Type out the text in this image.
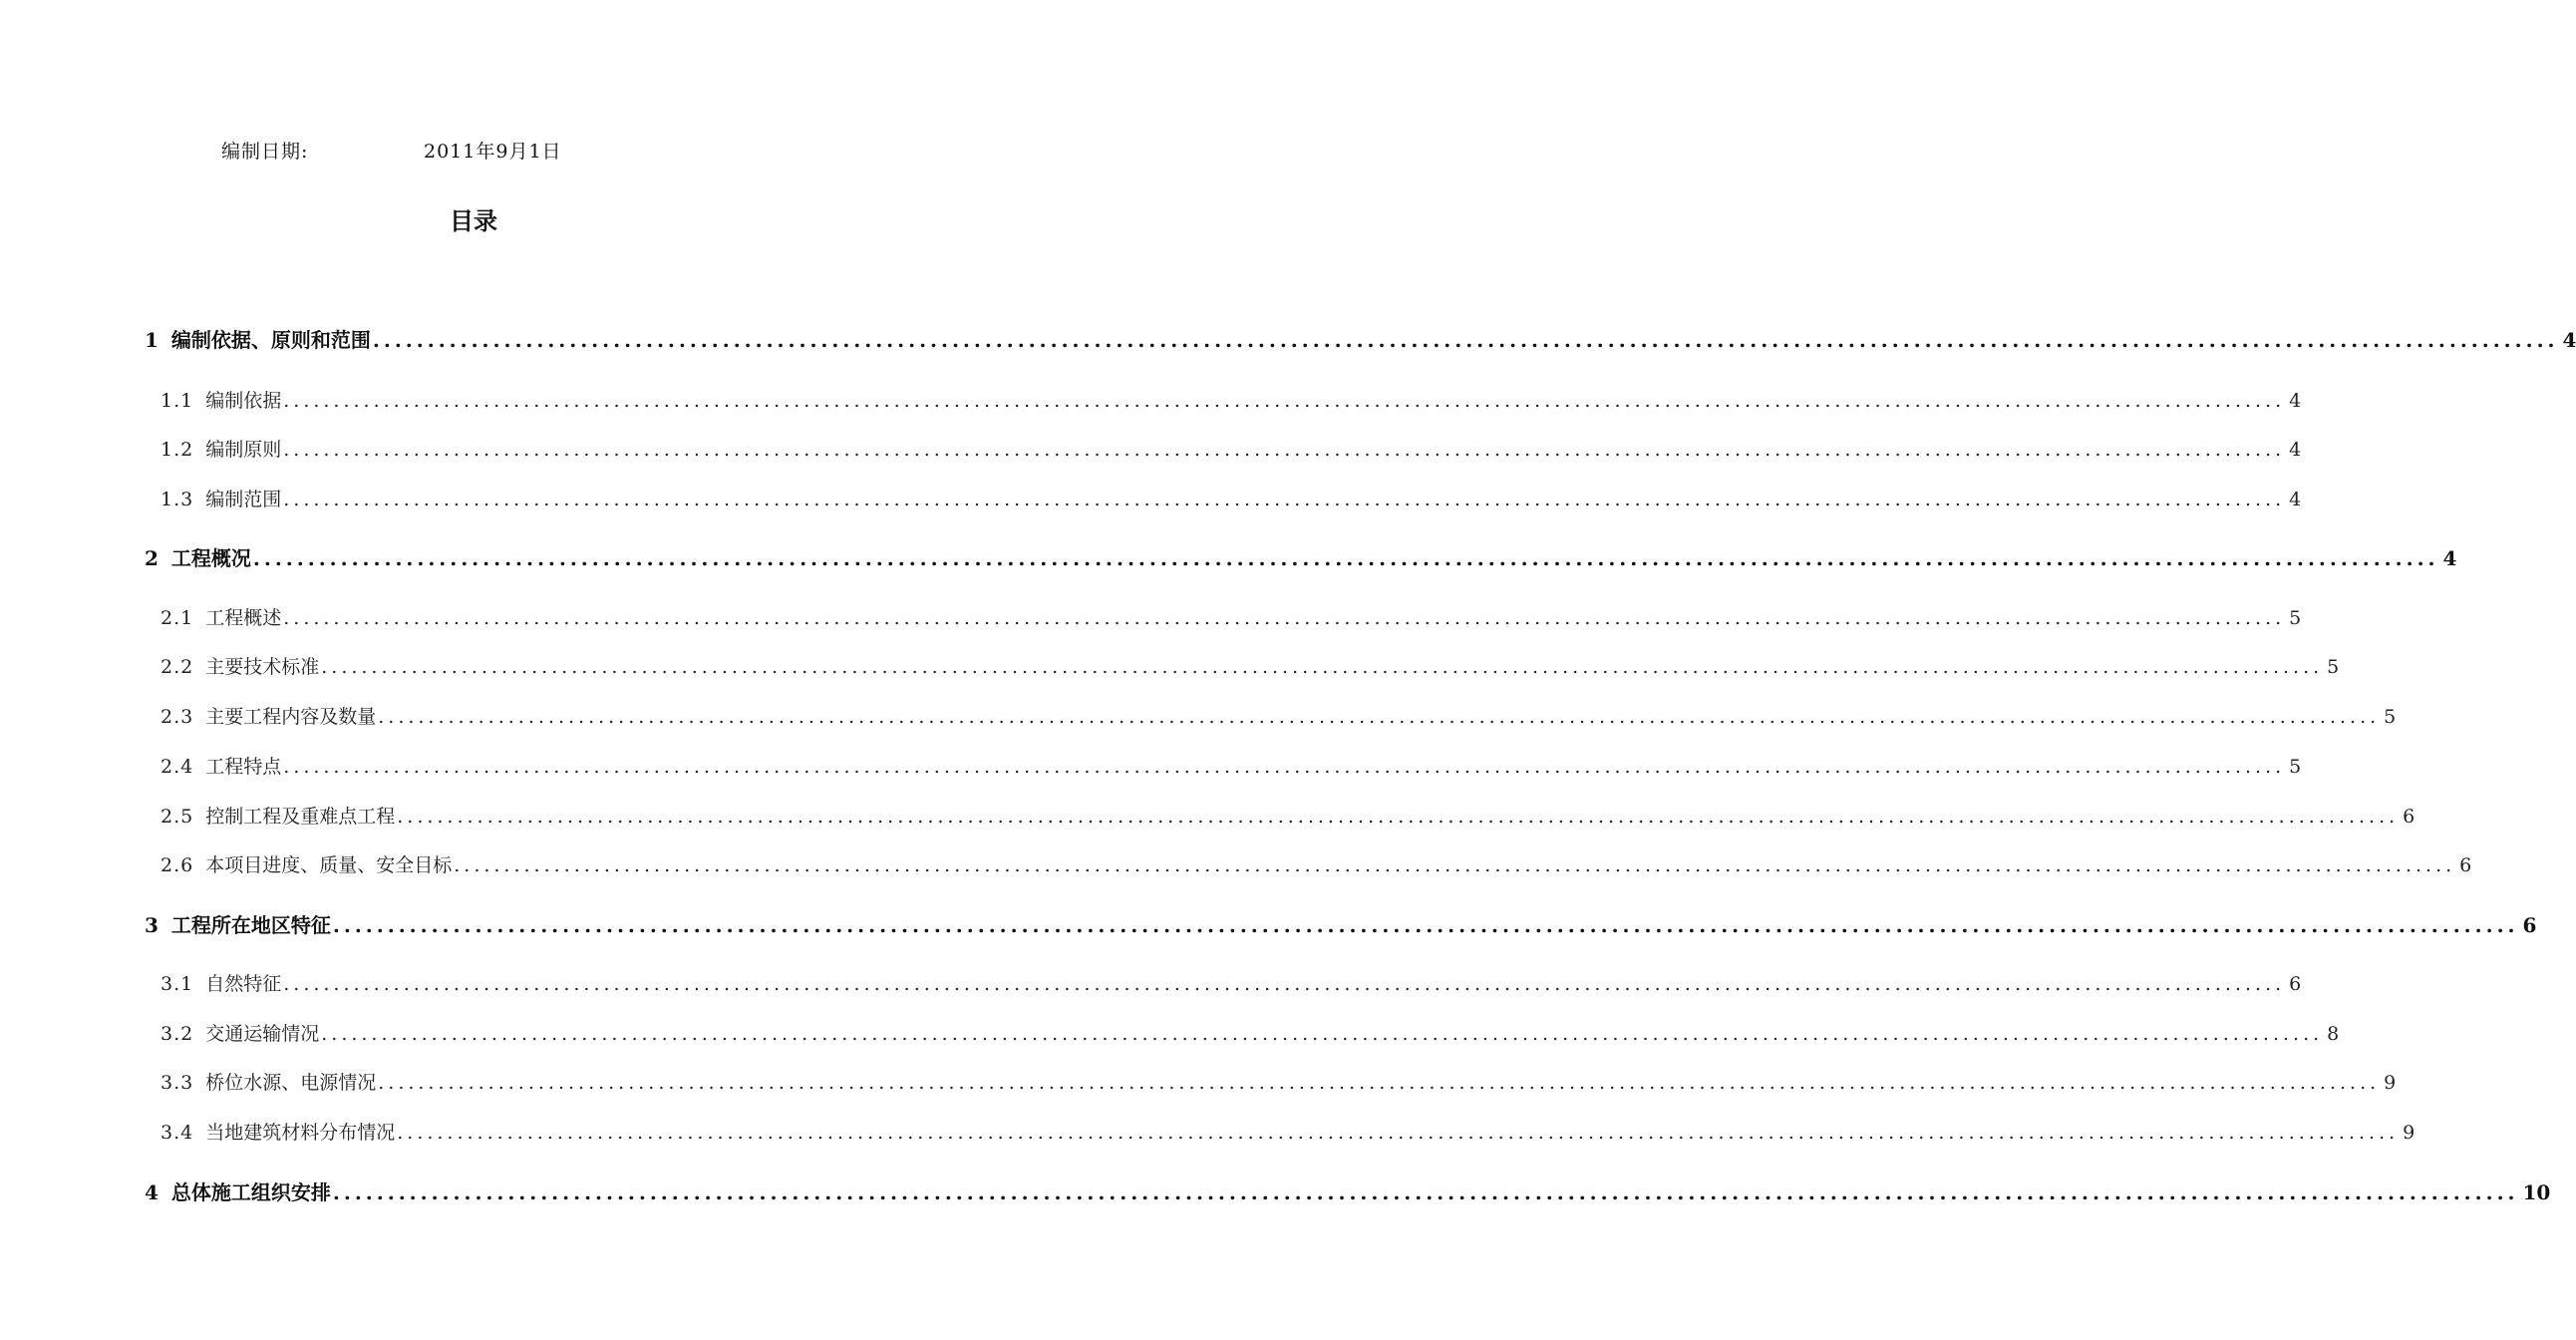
编制日期:	2011年9月1日
目录
1 编制依据、原则和范围 ........................................................................................................................................................................................................ 4
1.1 编制依据 ........................................................................................................................................................................................................ 4
1.2 编制原则 ........................................................................................................................................................................................................ 4
1.3 编制范围 ........................................................................................................................................................................................................ 4
2 工程概况 ........................................................................................................................................................................................................ 4
2.1 工程概述 ........................................................................................................................................................................................................ 5
2.2 主要技术标准 ........................................................................................................................................................................................................ 5
2.3 主要工程内容及数量 ........................................................................................................................................................................................................ 5
2.4 工程特点 ........................................................................................................................................................................................................ 5
2.5 控制工程及重难点工程 ........................................................................................................................................................................................................ 6
2.6 本项目进度、质量、安全目标 ........................................................................................................................................................................................................ 6
3 工程所在地区特征 ........................................................................................................................................................................................................ 6
3.1 自然特征 ........................................................................................................................................................................................................ 6
3.2 交通运输情况 ........................................................................................................................................................................................................ 8
3.3 桥位水源、电源情况 ........................................................................................................................................................................................................ 9
3.4 当地建筑材料分布情况 ........................................................................................................................................................................................................ 9
4 总体施工组织安排 ........................................................................................................................................................................................................ 10
